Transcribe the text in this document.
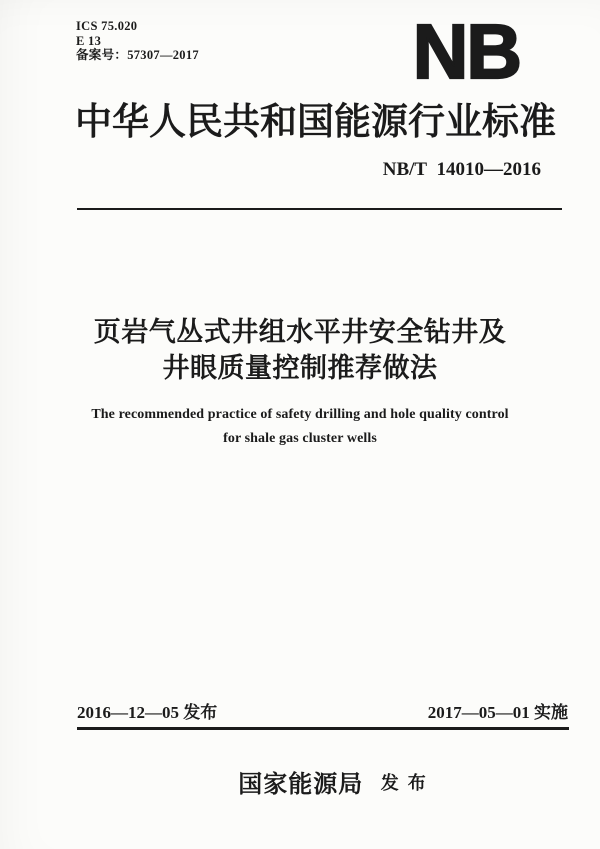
ICS 75.020
E 13
备案号：57307—2017	NB
中华人民共和国能源行业标准
NB/T 14010—2016
页岩气丛式井组水平井安全钻井及
井眼质量控制推荐做法
The recommended practice of safety drilling and hole quality control
for shale gas cluster wells
2016—12—05 发布	2017—05—01 实施
国家能源局 发 布
